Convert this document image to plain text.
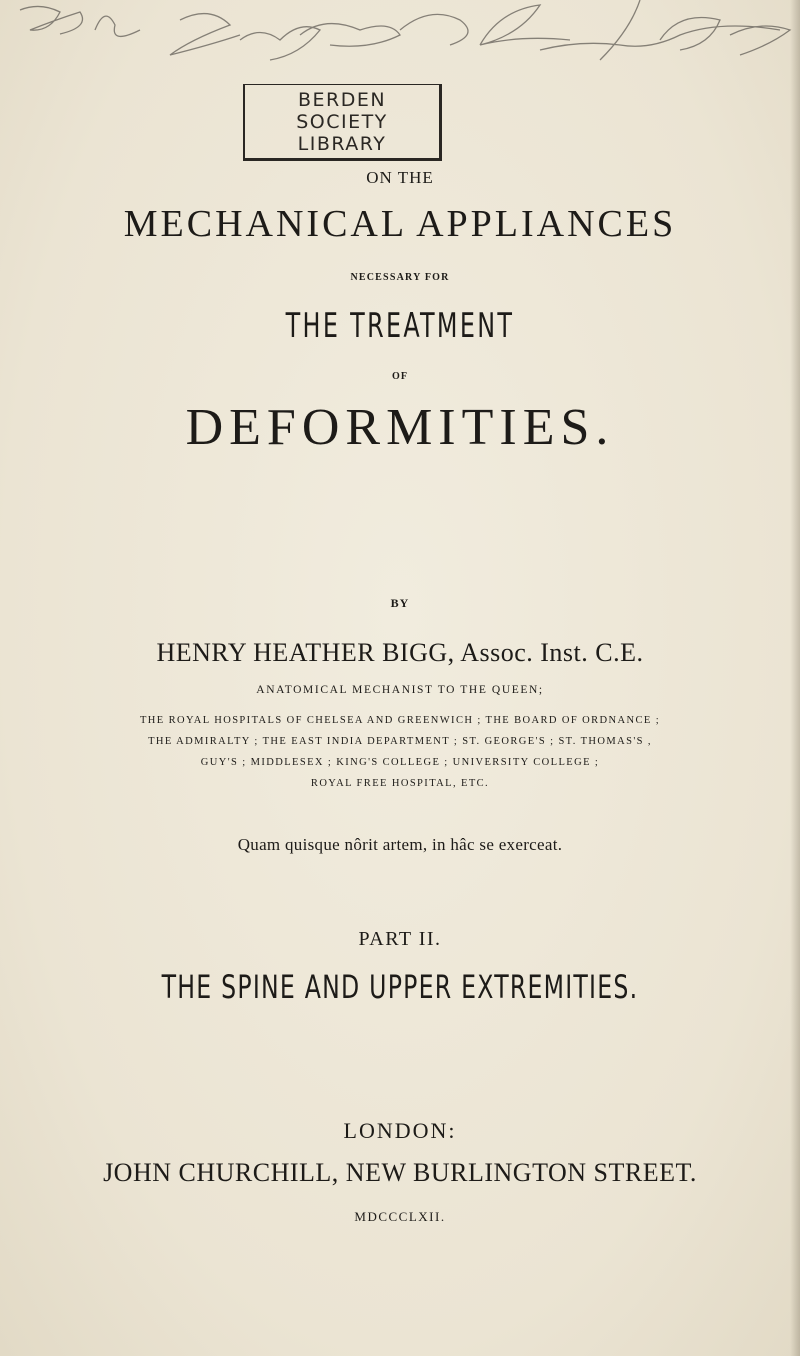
BERDEN
SOCIETY
LIBRARY
ON THE
MECHANICAL APPLIANCES
NECESSARY FOR
THE TREATMENT
OF
DEFORMITIES.
BY
HENRY HEATHER BIGG, Assoc. Inst. C.E.
ANATOMICAL MECHANIST TO THE QUEEN;
THE ROYAL HOSPITALS OF CHELSEA AND GREENWICH ; THE BOARD OF ORDNANCE ;
THE ADMIRALTY ; THE EAST INDIA DEPARTMENT ; ST. GEORGE'S ; ST. THOMAS'S ,
GUY'S ; MIDDLESEX ; KING'S COLLEGE ; UNIVERSITY COLLEGE ;
ROYAL FREE HOSPITAL, ETC.
Quam quisque nôrit artem, in hâc se exerceat.
PART II.
THE SPINE AND UPPER EXTREMITIES.
LONDON:
JOHN CHURCHILL, NEW BURLINGTON STREET.
MDCCCLXII.
